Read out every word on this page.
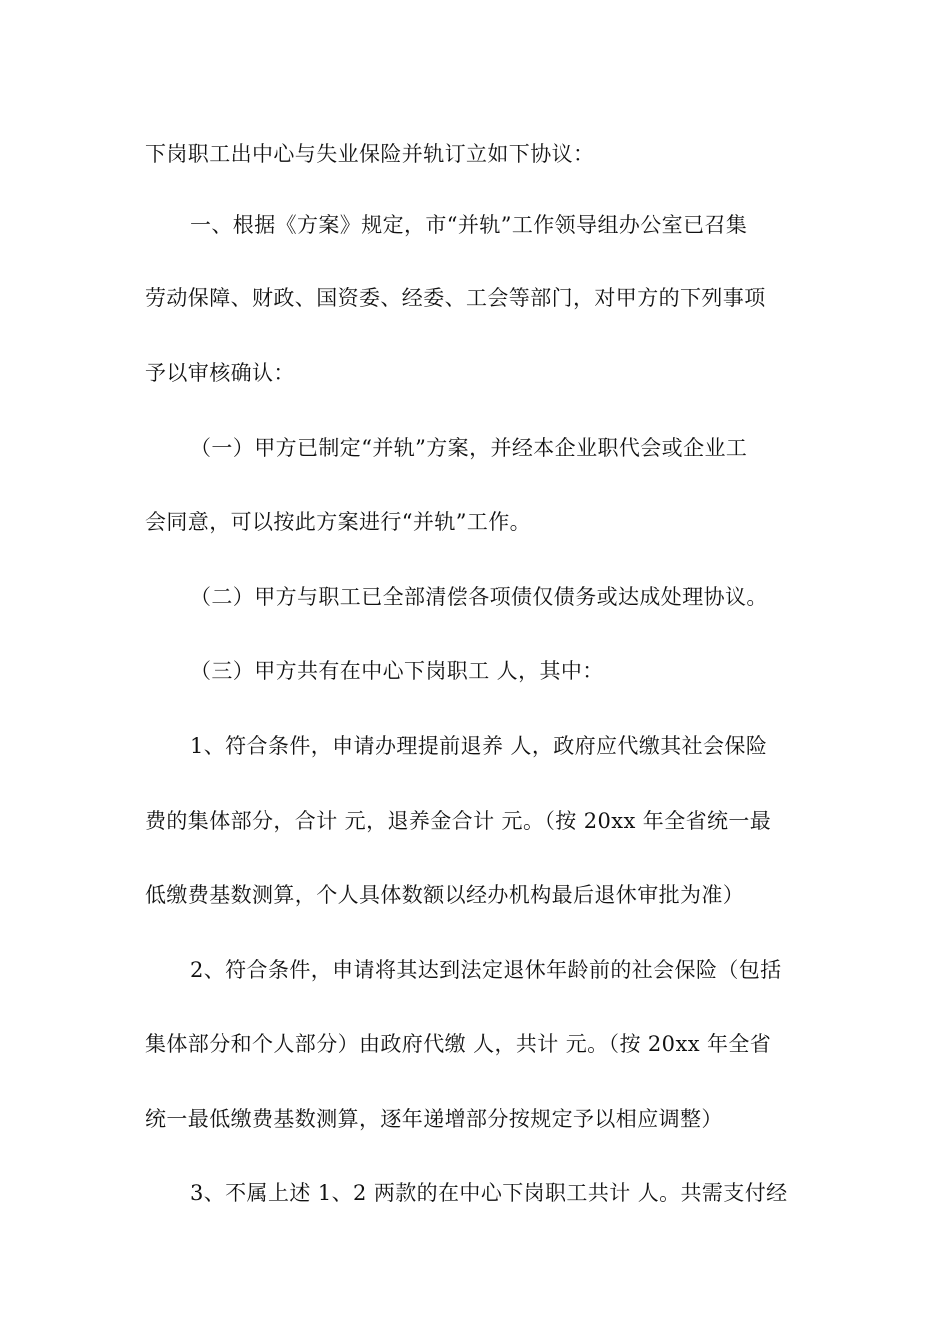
下岗职工出中心与失业保险并轨订立如下协议：
一、根据《方案》规定，市“并轨”工作领导组办公室已召集
劳动保障、财政、国资委、经委、工会等部门，对甲方的下列事项
予以审核确认：
（一）甲方已制定“并轨”方案，并经本企业职代会或企业工
会同意，可以按此方案进行“并轨”工作。
（二）甲方与职工已全部清偿各项债仅债务或达成处理协议。
（三）甲方共有在中心下岗职工 人，其中：
1、符合条件，申请办理提前退养 人，政府应代缴其社会保险
费的集体部分，合计 元，退养金合计 元。（按 20xx 年全省统一最
低缴费基数测算，个人具体数额以经办机构最后退休审批为准）
2、符合条件，申请将其达到法定退休年龄前的社会保险（包括
集体部分和个人部分）由政府代缴 人，共计 元。（按 20xx 年全省
统一最低缴费基数测算，逐年递增部分按规定予以相应调整）
3、不属上述 1、2 两款的在中心下岗职工共计 人。共需支付经
